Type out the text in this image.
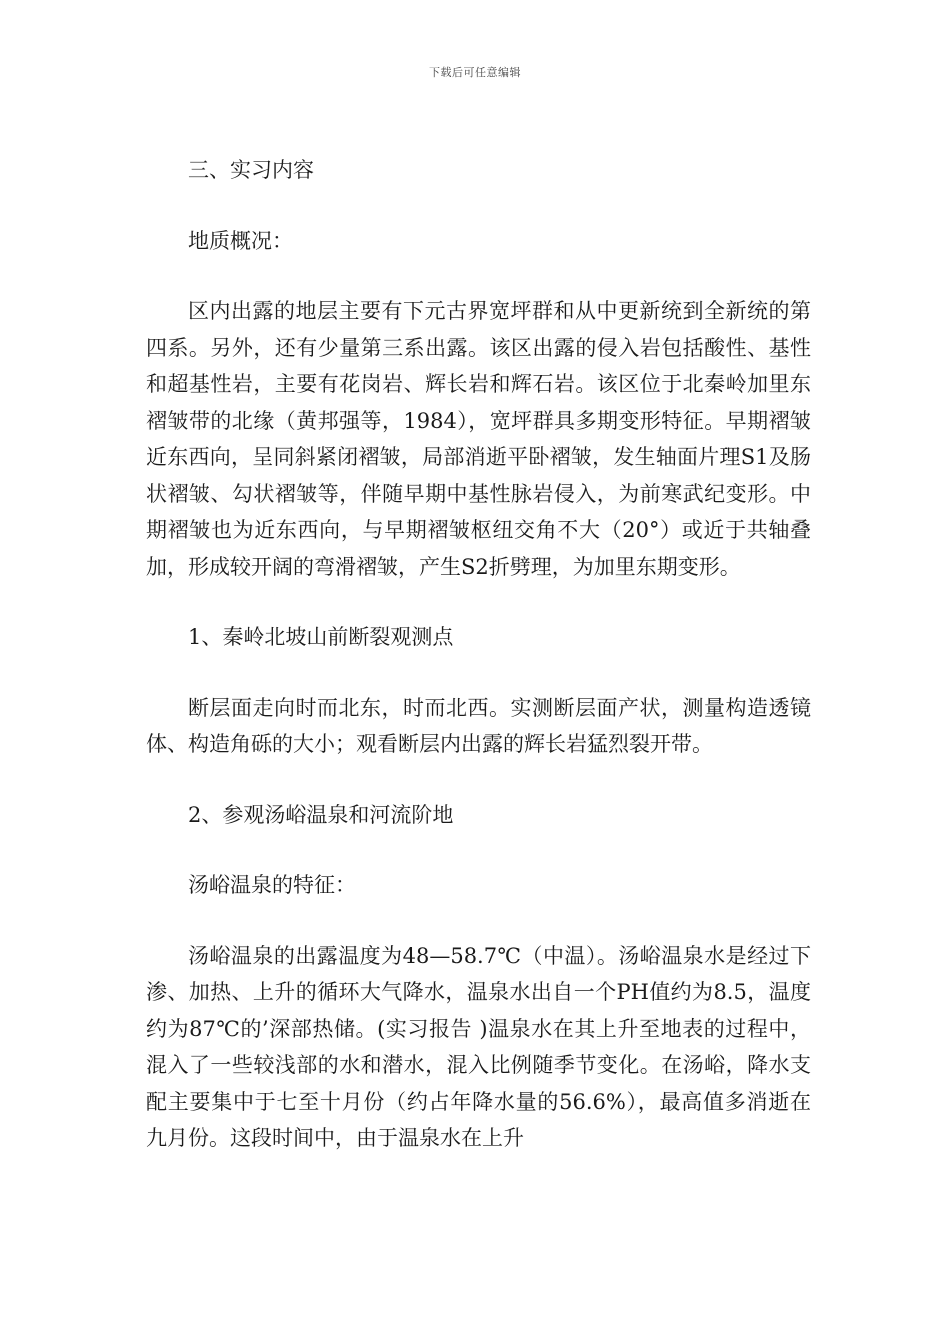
下载后可任意编辑

三、实习内容

地质概况：

区内出露的地层主要有下元古界宽坪群和从中更新统到全新统的第四系。另外，还有少量第三系出露。该区出露的侵入岩包括酸性、基性和超基性岩，主要有花岗岩、辉长岩和辉石岩。该区位于北秦岭加里东褶皱带的北缘（黄邦强等，1984），宽坪群具多期变形特征。早期褶皱近东西向，呈同斜紧闭褶皱，局部消逝平卧褶皱，发生轴面片理S1及肠状褶皱、勾状褶皱等，伴随早期中基性脉岩侵入，为前寒武纪变形。中期褶皱也为近东西向，与早期褶皱枢纽交角不大（20°）或近于共轴叠加，形成较开阔的弯滑褶皱，产生S2折劈理，为加里东期变形。

1、秦岭北坡山前断裂观测点

断层面走向时而北东，时而北西。实测断层面产状，测量构造透镜体、构造角砾的大小；观看断层内出露的辉长岩猛烈裂开带。

2、参观汤峪温泉和河流阶地

汤峪温泉的特征：

汤峪温泉的出露温度为48—58.7℃（中温）。汤峪温泉水是经过下渗、加热、上升的循环大气降水，温泉水出自一个PH值约为8.5，温度约为87℃的’深部热储。(实习报告 )温泉水在其上升至地表的过程中，混入了一些较浅部的水和潜水，混入比例随季节变化。在汤峪，降水支配主要集中于七至十月份（约占年降水量的56.6%），最高值多消逝在九月份。这段时间中，由于温泉水在上升
